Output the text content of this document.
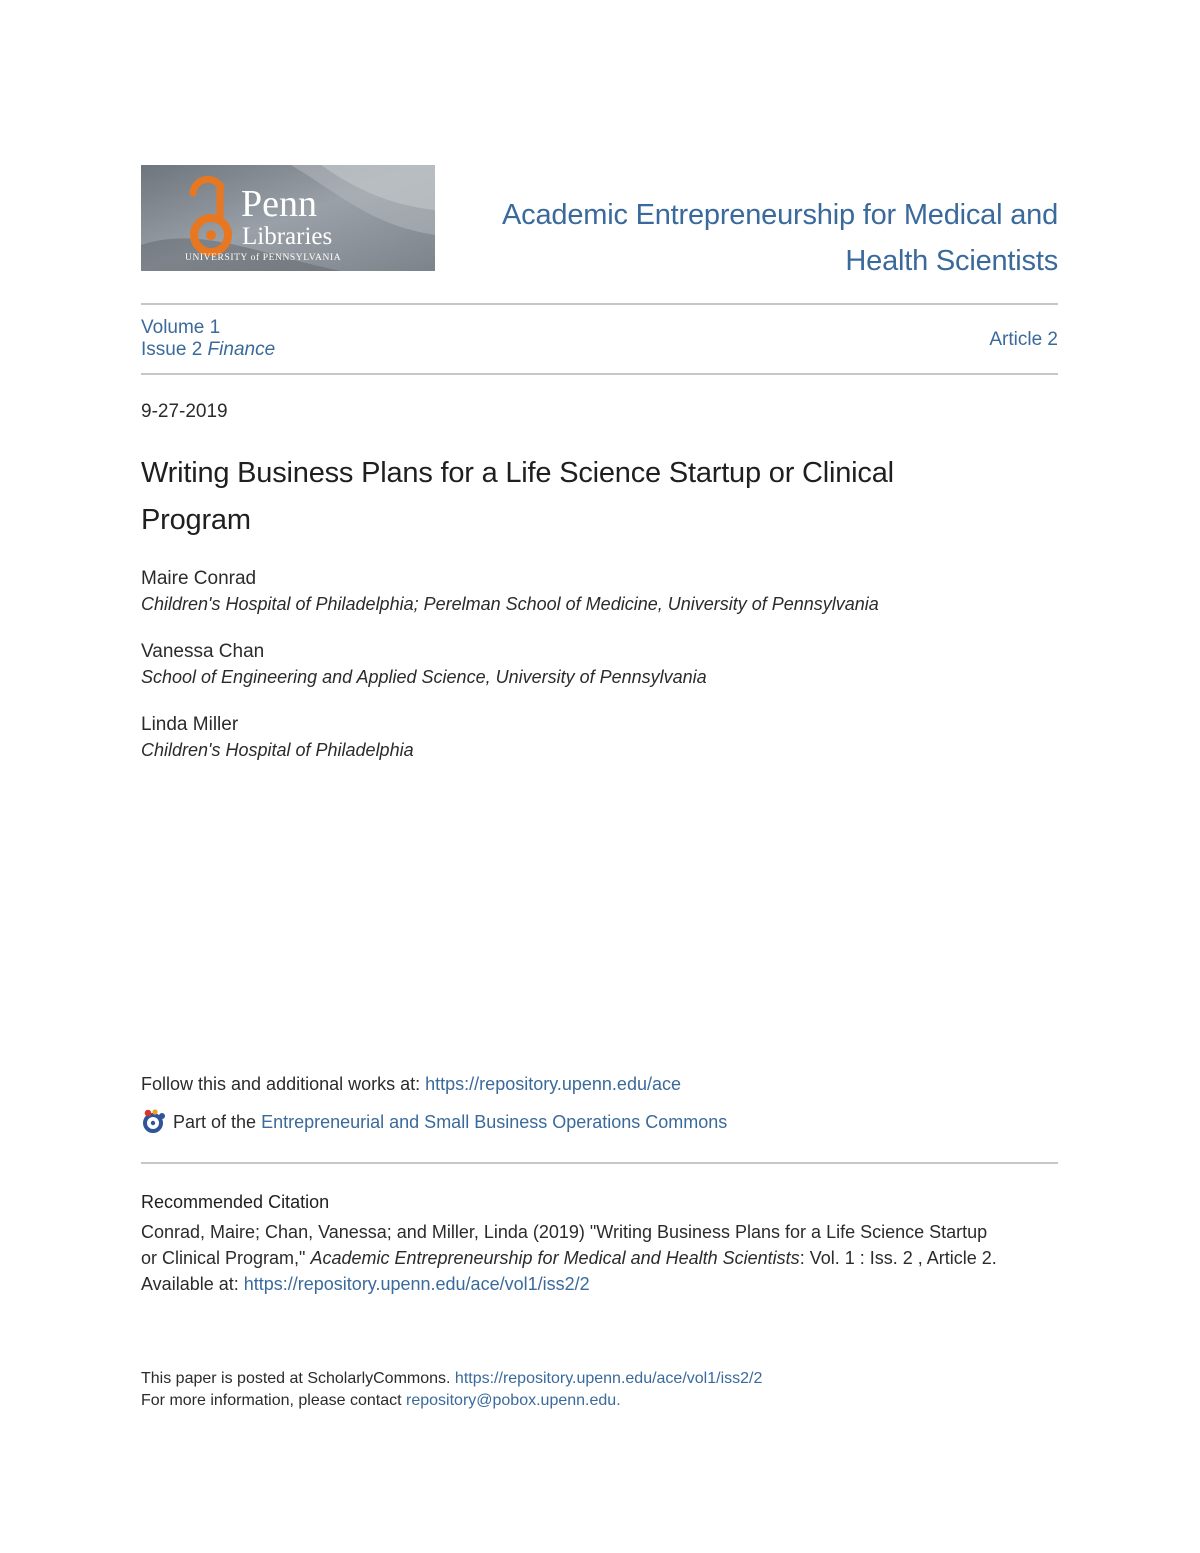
Penn
Libraries
UNIVERSITY of PENNSYLVANIA
Academic Entrepreneurship for Medical and
Health Scientists
Volume 1
Issue 2 Finance	Article 2
9-27-2019
Writing Business Plans for a Life Science Startup or Clinical
Program
Maire Conrad
Children's Hospital of Philadelphia; Perelman School of Medicine, University of Pennsylvania
Vanessa Chan
School of Engineering and Applied Science, University of Pennsylvania
Linda Miller
Children's Hospital of Philadelphia
Follow this and additional works at: https://repository.upenn.edu/ace
Part of the
Entrepreneurial and Small Business Operations Commons
Recommended Citation
Conrad, Maire; Chan, Vanessa; and Miller, Linda (2019) "Writing Business Plans for a Life Science Startup
or Clinical Program," Academic Entrepreneurship for Medical and Health Scientists: Vol. 1 : Iss. 2 , Article 2.
Available at: https://repository.upenn.edu/ace/vol1/iss2/2
This paper is posted at ScholarlyCommons. https://repository.upenn.edu/ace/vol1/iss2/2
For more information, please contact repository@pobox.upenn.edu.
